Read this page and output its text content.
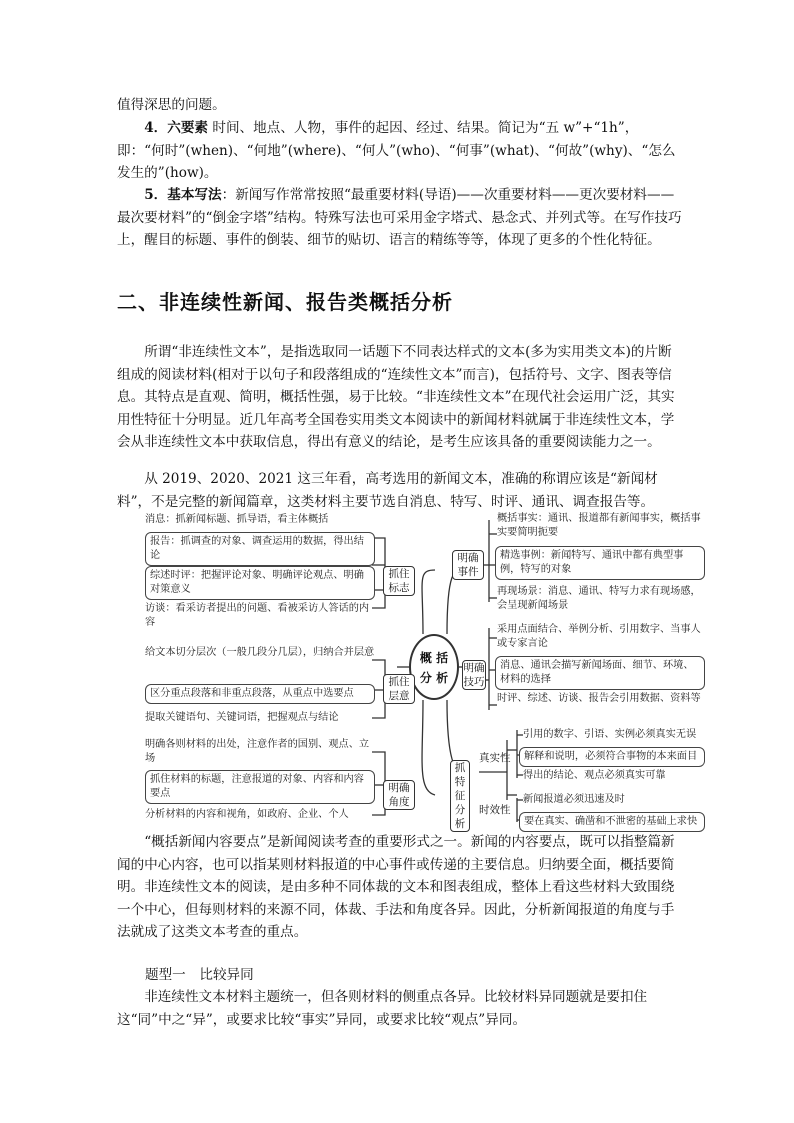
值得深思的问题。

4．六要素 时间、地点、人物，事件的起因、经过、结果。简记为“五 w”+“1h”，即：“何时”(when)、“何地”(where)、“何人”(who)、“何事”(what)、“何故”(why)、“怎么发生的”(how)。

5．基本写法：新闻写作常常按照“最重要材料(导语)——次重要材料——更次要材料——最次要材料”的“倒金字塔”结构。特殊写法也可采用金字塔式、悬念式、并列式等。在写作技巧上，醒目的标题、事件的倒装、细节的贴切、语言的精练等等，体现了更多的个性化特征。

二、非连续性新闻、报告类概括分析

所谓“非连续性文本”，是指选取同一话题下不同表达样式的文本(多为实用类文本)的片断组成的阅读材料(相对于以句子和段落组成的“连续性文本”而言)，包括符号、文字、图表等信息。其特点是直观、简明，概括性强，易于比较。“非连续性文本”在现代社会运用广泛，其实用性特征十分明显。近几年高考全国卷实用类文本阅读中的新闻材料就属于非连续性文本，学会从非连续性文本中获取信息，得出有意义的结论，是考生应该具备的重要阅读能力之一。

从 2019、2020、2021 这三年看，高考选用的新闻文本，准确的称谓应该是“新闻材料”，不是完整的新闻篇章，这类材料主要节选自消息、特写、时评、通讯、调查报告等。

概 括
分 析
抓住标志
抓住层意
明确角度
明确事件
明确技巧
抓特征分析
消息：抓新闻标题、抓导语，看主体概括
报告：抓调查的对象、调查运用的数据，得出结论
综述时评：把握评论对象、明确评论观点、明确对策意义
访谈：看采访者提出的问题、看被采访人答话的内容
给文本切分层次（一般几段分几层），归纳合并层意
区分重点段落和非重点段落，从重点中选要点
提取关键语句、关键词语，把握观点与结论
明确各则材料的出处，注意作者的国别、观点、立场
抓住材料的标题，注意报道的对象、内容和内容要点
分析材料的内容和视角，如政府、企业、个人
概括事实：通讯、报道都有新闻事实，概括事实要简明扼要
精选事例：新闻特写、通讯中都有典型事例，特写的对象
再现场景：消息、通讯、特写力求有现场感，会呈现新闻场景
采用点面结合、举例分析、引用数字、当事人或专家言论
消息、通讯会描写新闻场面、细节、环境、材料的选择
时评、综述、访谈、报告会引用数据、资料等
真实性
时效性
引用的数字、引语、实例必须真实无误
解释和说明，必须符合事物的本来面目
得出的结论、观点必须真实可靠
新闻报道必须迅速及时
要在真实、确凿和不泄密的基础上求快

“概括新闻内容要点”是新闻阅读考查的重要形式之一。新闻的内容要点，既可以指整篇新闻的中心内容，也可以指某则材料报道的中心事件或传递的主要信息。归纳要全面，概括要简明。非连续性文本的阅读，是由多种不同体裁的文本和图表组成，整体上看这些材料大致围绕一个中心，但每则材料的来源不同，体裁、手法和角度各异。因此，分析新闻报道的角度与手法就成了这类文本考查的重点。

题型一　比较异同

非连续性文本材料主题统一，但各则材料的侧重点各异。比较材料异同题就是要扣住这“同”中之“异”，或要求比较“事实”异同，或要求比较“观点”异同。
